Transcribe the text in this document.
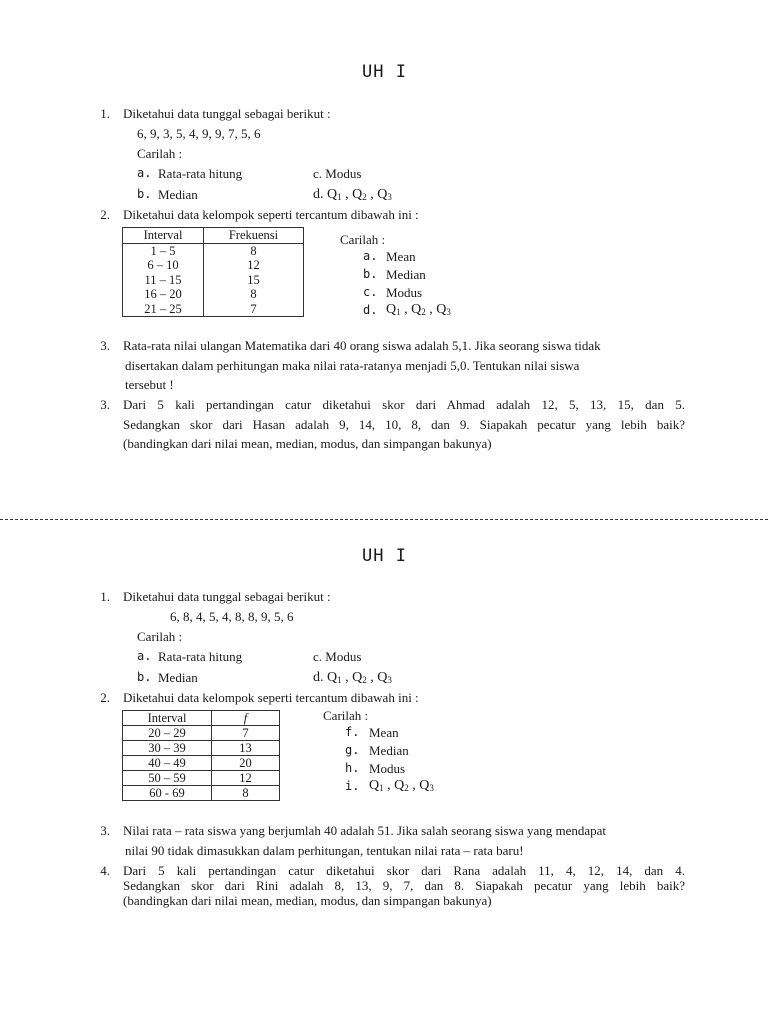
UH I
1. Diketahui data tunggal sebagai berikut :
6, 9, 3, 5, 4, 9, 9, 7, 5, 6
Carilah :
a. Rata-rata hitung	c. Modus
b. Median	d. $Q_1$ , $Q_2$ , $Q_3$
2. Diketahui data kelompok seperti tercantum dibawah ini :
Interval	Frekuensi
1 – 5	8
6 – 10	12
11 – 15	15
16 – 20	8
21 – 25	7
Carilah :
a. Mean
b. Median
c. Modus
d. $Q_1$ , $Q_2$ , $Q_3$
3. Rata-rata nilai ulangan Matematika dari 40 orang siswa adalah 5,1. Jika seorang siswa tidak
disertakan dalam perhitungan maka nilai rata-ratanya menjadi 5,0. Tentukan nilai siswa
tersebut !
3. Dari 5 kali pertandingan catur diketahui skor dari Ahmad adalah 12, 5, 13, 15, dan 5.
Sedangkan skor dari Hasan adalah 9, 14, 10, 8, dan 9. Siapakah pecatur yang lebih baik?
(bandingkan dari nilai mean, median, modus, dan simpangan bakunya)
UH I
1. Diketahui data tunggal sebagai berikut :
6, 8, 4, 5, 4, 8, 8, 9, 5, 6
Carilah :
a. Rata-rata hitung	c. Modus
b. Median	d. $Q_1$ , $Q_2$ , $Q_3$
2. Diketahui data kelompok seperti tercantum dibawah ini :
Interval	f
20 – 29	7
30 – 39	13
40 – 49	20
50 – 59	12
60 - 69	8
Carilah :
f. Mean
g. Median
h. Modus
i. $Q_1$ , $Q_2$ , $Q_3$
3. Nilai rata – rata siswa yang berjumlah 40 adalah 51. Jika salah seorang siswa yang mendapat
nilai 90 tidak dimasukkan dalam perhitungan, tentukan nilai rata – rata baru!
4. Dari 5 kali pertandingan catur diketahui skor dari Rana adalah 11, 4, 12, 14, dan 4.
Sedangkan skor dari Rini adalah 8, 13, 9, 7, dan 8. Siapakah pecatur yang lebih baik?
(bandingkan dari nilai mean, median, modus, dan simpangan bakunya)
